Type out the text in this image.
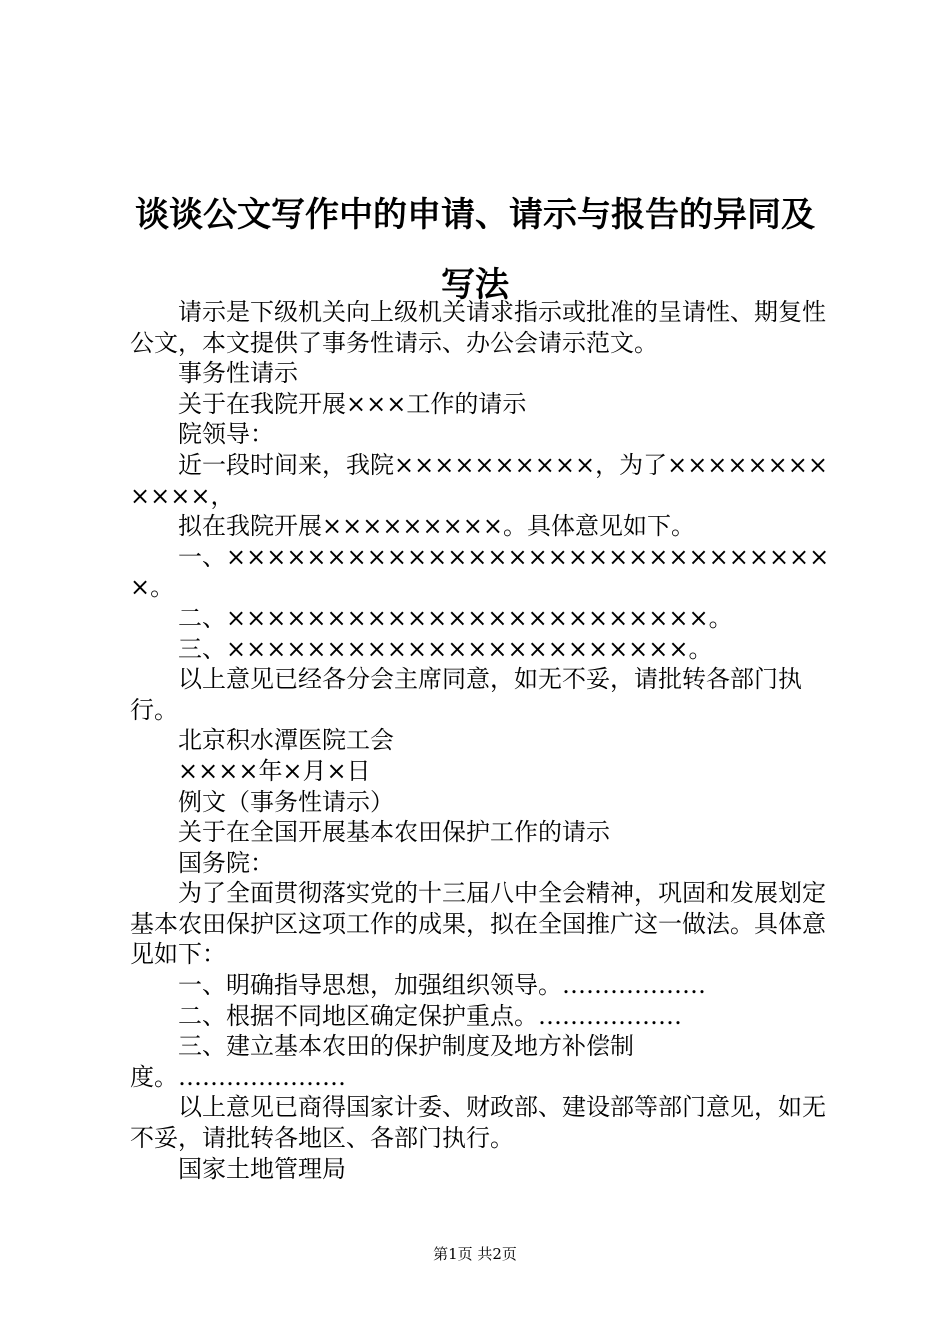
谈谈公文写作中的申请、请示与报告的异同及
写法

请示是下级机关向上级机关请求指示或批准的呈请性、期复性公文，本文提供了事务性请示、办公会请示范文。

事务性请示

关于在我院开展×××工作的请示

院领导：

近一段时间来，我院××××××××××，为了××××××××××××，

拟在我院开展×××××××××。具体意见如下。

一、×××××××××××××××××××××××××××××××。

二、××××××××××××××××××××××××。

三、×××××××××××××××××××××××。

以上意见已经各分会主席同意，如无不妥，请批转各部门执行。

北京积水潭医院工会

××××年×月×日

例文（事务性请示）

关于在全国开展基本农田保护工作的请示

国务院：

为了全面贯彻落实党的十三届八中全会精神，巩固和发展划定基本农田保护区这项工作的成果，拟在全国推广这一做法。具体意见如下：

一、明确指导思想，加强组织领导。………………

二、根据不同地区确定保护重点。………………

三、建立基本农田的保护制度及地方补偿制度。…………………

以上意见已商得国家计委、财政部、建设部等部门意见，如无不妥，请批转各地区、各部门执行。

国家土地管理局

第1页 共2页
